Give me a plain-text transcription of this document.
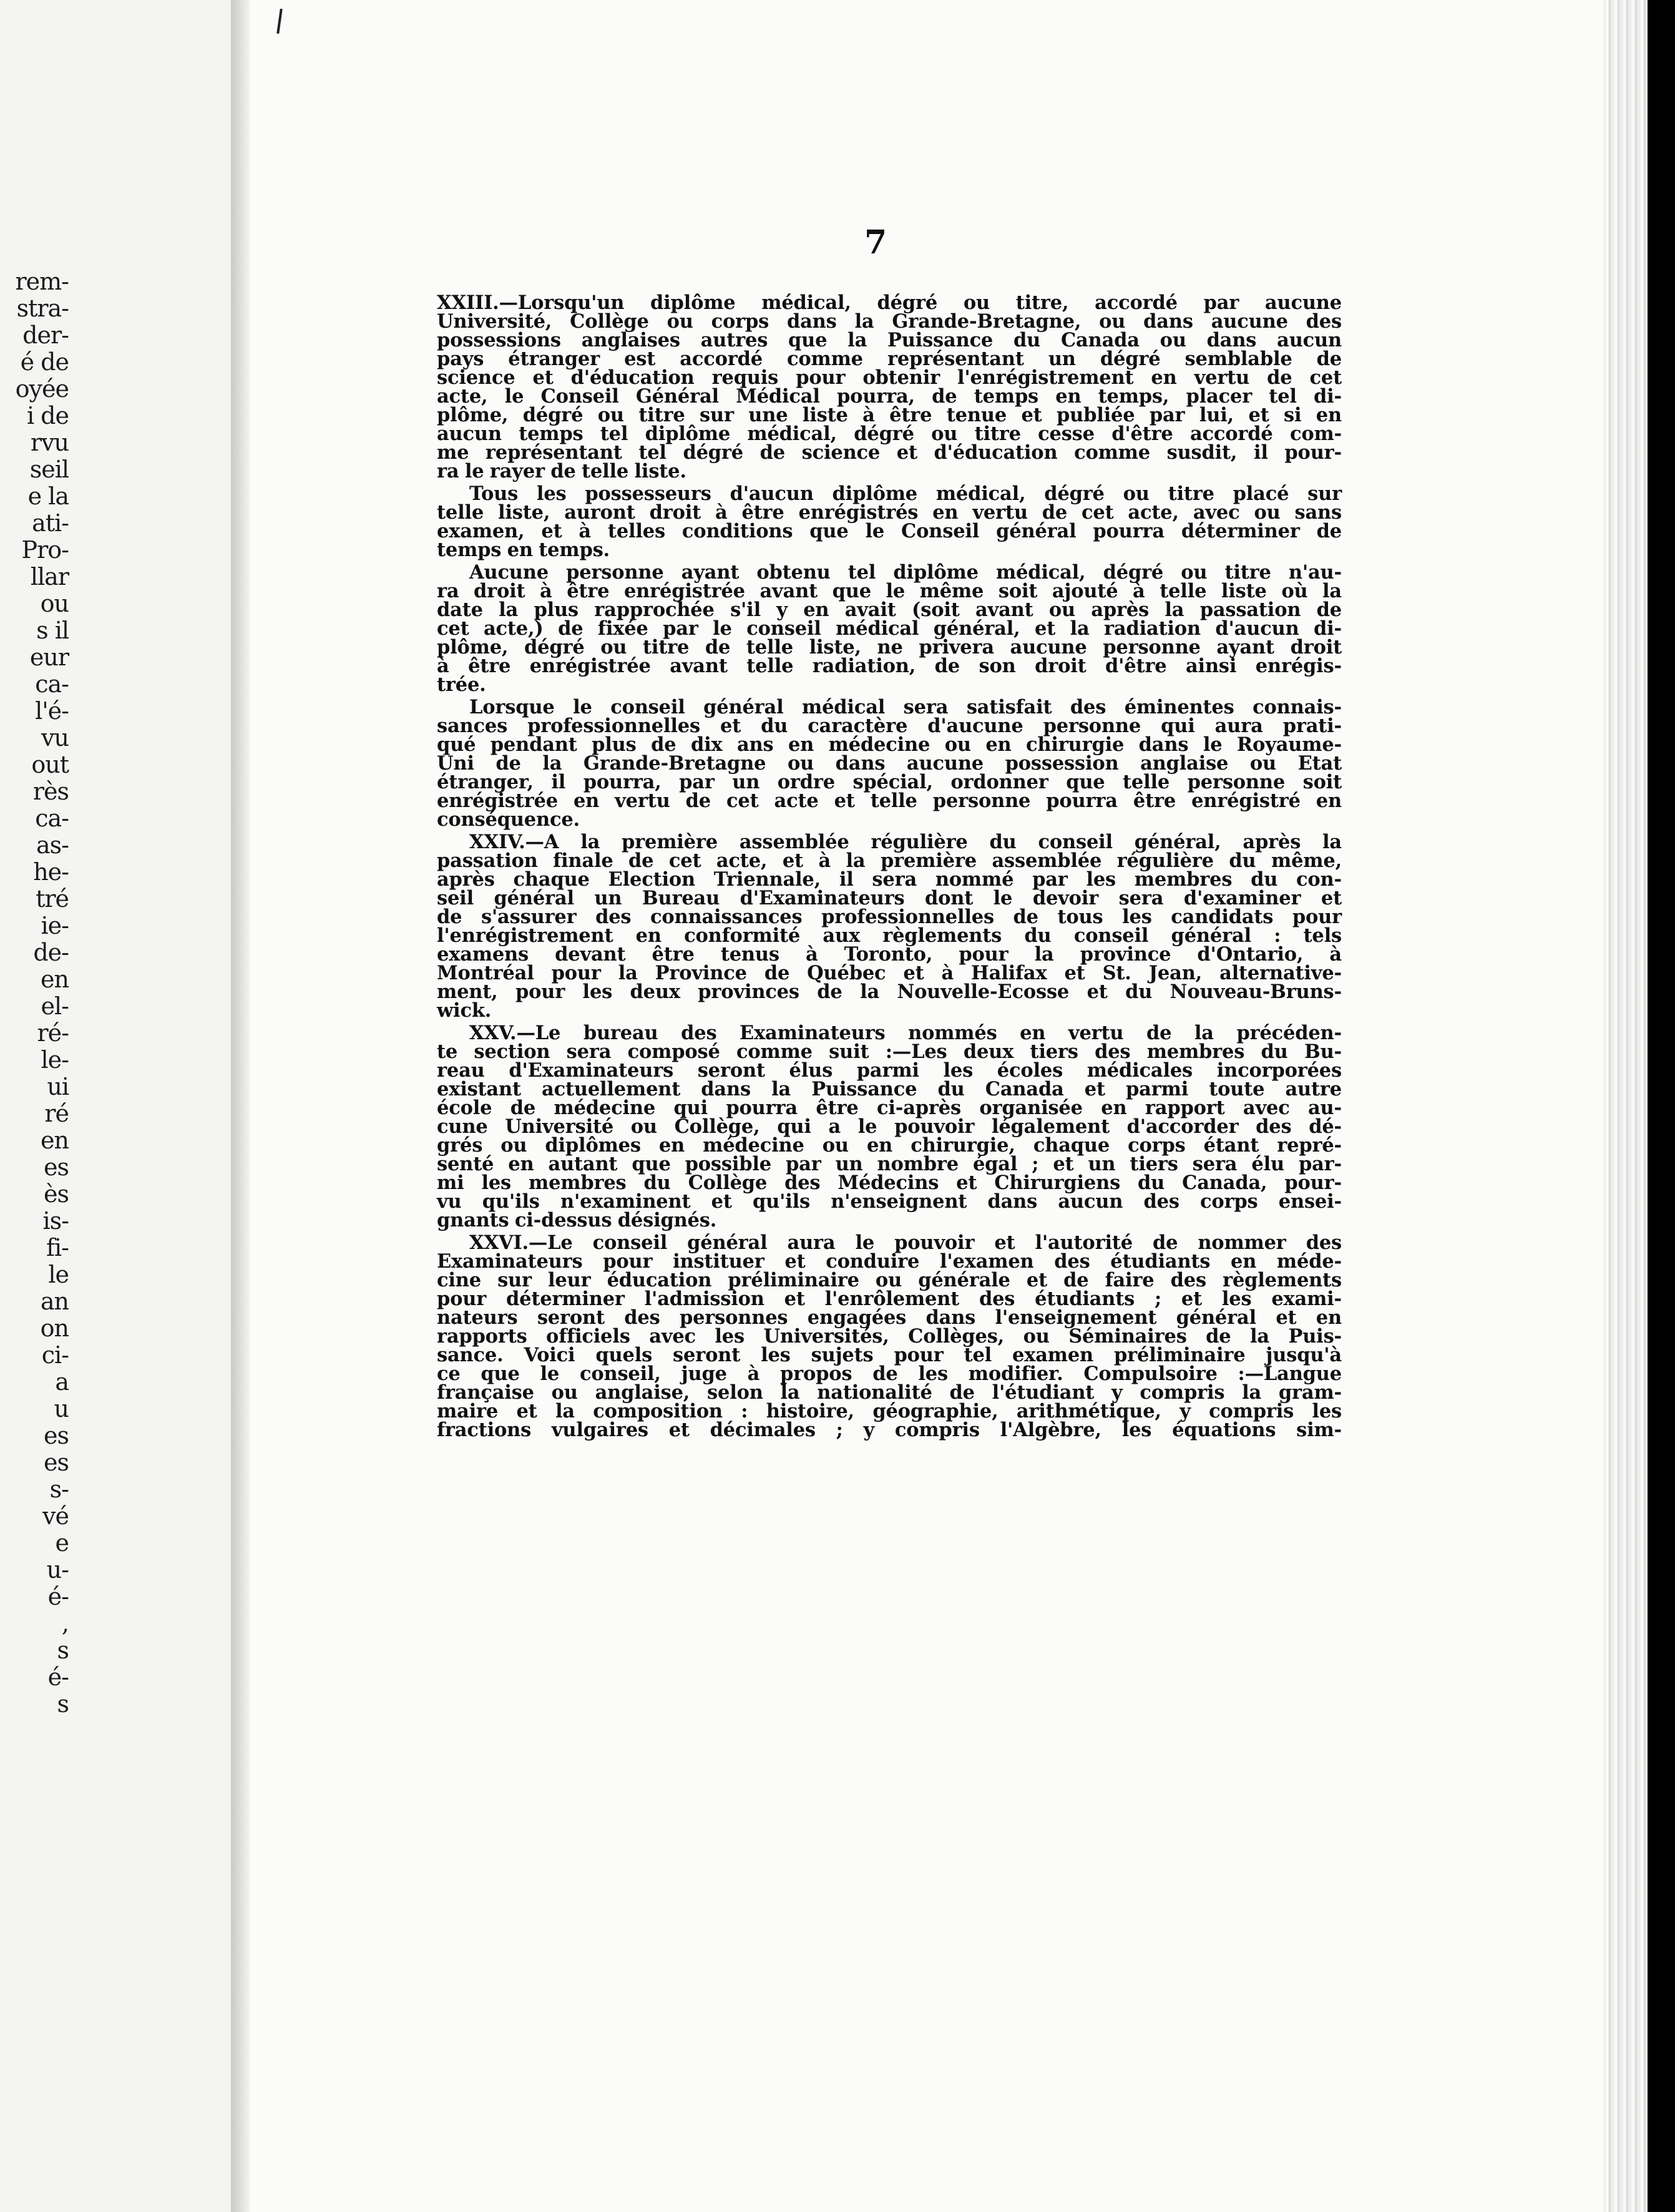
rem-
stra-
der-
é de
oyée
i de
rvu
seil
e la
ati-
Pro-
llar
ou
s il
eur
ca-
l'é-
vu
out
rès
ca-
as-
he-
tré
ie-
de-
en
el-
ré-
le-
ui
ré
en
es
ès
is-
fi-
le
an
on
ci-
a
u
es
es
s-
vé
e
u-
é-
,
s
é-
s
7
XXIII.—Lorsqu'un diplôme médical, dégré ou titre, accordé par aucune
Université, Collège ou corps dans la Grande-Bretagne, ou dans aucune des
possessions anglaises autres que la Puissance du Canada ou dans aucun
pays étranger est accordé comme représentant un dégré semblable de
science et d'éducation requis pour obtenir l'enrégistrement en vertu de cet
acte, le Conseil Général Médical pourra, de temps en temps, placer tel di-
plôme, dégré ou titre sur une liste à être tenue et publiée par lui, et si en
aucun temps tel diplôme médical, dégré ou titre cesse d'être accordé com-
me représentant tel dégré de science et d'éducation comme susdit, il pour-
ra le rayer de telle liste.
Tous les possesseurs d'aucun diplôme médical, dégré ou titre placé sur
telle liste, auront droit à être enrégistrés en vertu de cet acte, avec ou sans
examen, et à telles conditions que le Conseil général pourra déterminer de
temps en temps.
Aucune personne ayant obtenu tel diplôme médical, dégré ou titre n'au-
ra droit à être enrégistrée avant que le même soit ajouté à telle liste où la
date la plus rapprochée s'il y en avait (soit avant ou après la passation de
cet acte,) de fixée par le conseil médical général, et la radiation d'aucun di-
plôme, dégré ou titre de telle liste, ne privera aucune personne ayant droit
à être enrégistrée avant telle radiation, de son droit d'être ainsi enrégis-
trée.
Lorsque le conseil général médical sera satisfait des éminentes connais-
sances professionnelles et du caractère d'aucune personne qui aura prati-
qué pendant plus de dix ans en médecine ou en chirurgie dans le Royaume-
Uni de la Grande-Bretagne ou dans aucune possession anglaise ou Etat
étranger, il pourra, par un ordre spécial, ordonner que telle personne soit
enrégistrée en vertu de cet acte et telle personne pourra être enrégistré en
conséquence.
XXIV.—A la première assemblée régulière du conseil général, après la
passation finale de cet acte, et à la première assemblée régulière du même,
après chaque Election Triennale, il sera nommé par les membres du con-
seil général un Bureau d'Examinateurs dont le devoir sera d'examiner et
de s'assurer des connaissances professionnelles de tous les candidats pour
l'enrégistrement en conformité aux règlements du conseil général : tels
examens devant être tenus à Toronto, pour la province d'Ontario, à
Montréal pour la Province de Québec et à Halifax et St. Jean, alternative-
ment, pour les deux provinces de la Nouvelle-Ecosse et du Nouveau-Bruns-
wick.
XXV.—Le bureau des Examinateurs nommés en vertu de la précéden-
te section sera composé comme suit :—Les deux tiers des membres du Bu-
reau d'Examinateurs seront élus parmi les écoles médicales incorporées
existant actuellement dans la Puissance du Canada et parmi toute autre
école de médecine qui pourra être ci-après organisée en rapport avec au-
cune Université ou Collège, qui a le pouvoir légalement d'accorder des dé-
grés ou diplômes en médecine ou en chirurgie, chaque corps étant repré-
senté en autant que possible par un nombre égal ; et un tiers sera élu par-
mi les membres du Collège des Médecins et Chirurgiens du Canada, pour-
vu qu'ils n'examinent et qu'ils n'enseignent dans aucun des corps ensei-
gnants ci-dessus désignés.
XXVI.—Le conseil général aura le pouvoir et l'autorité de nommer des
Examinateurs pour instituer et conduire l'examen des étudiants en méde-
cine sur leur éducation préliminaire ou générale et de faire des règlements
pour déterminer l'admission et l'enrôlement des étudiants ; et les exami-
nateurs seront des personnes engagées dans l'enseignement général et en
rapports officiels avec les Universités, Collèges, ou Séminaires de la Puis-
sance. Voici quels seront les sujets pour tel examen préliminaire jusqu'à
ce que le conseil, juge à propos de les modifier. Compulsoire :—Langue
française ou anglaise, selon la nationalité de l'étudiant y compris la gram-
maire et la composition : histoire, géographie, arithmétique, y compris les
fractions vulgaires et décimales ; y compris l'Algèbre, les équations sim-
